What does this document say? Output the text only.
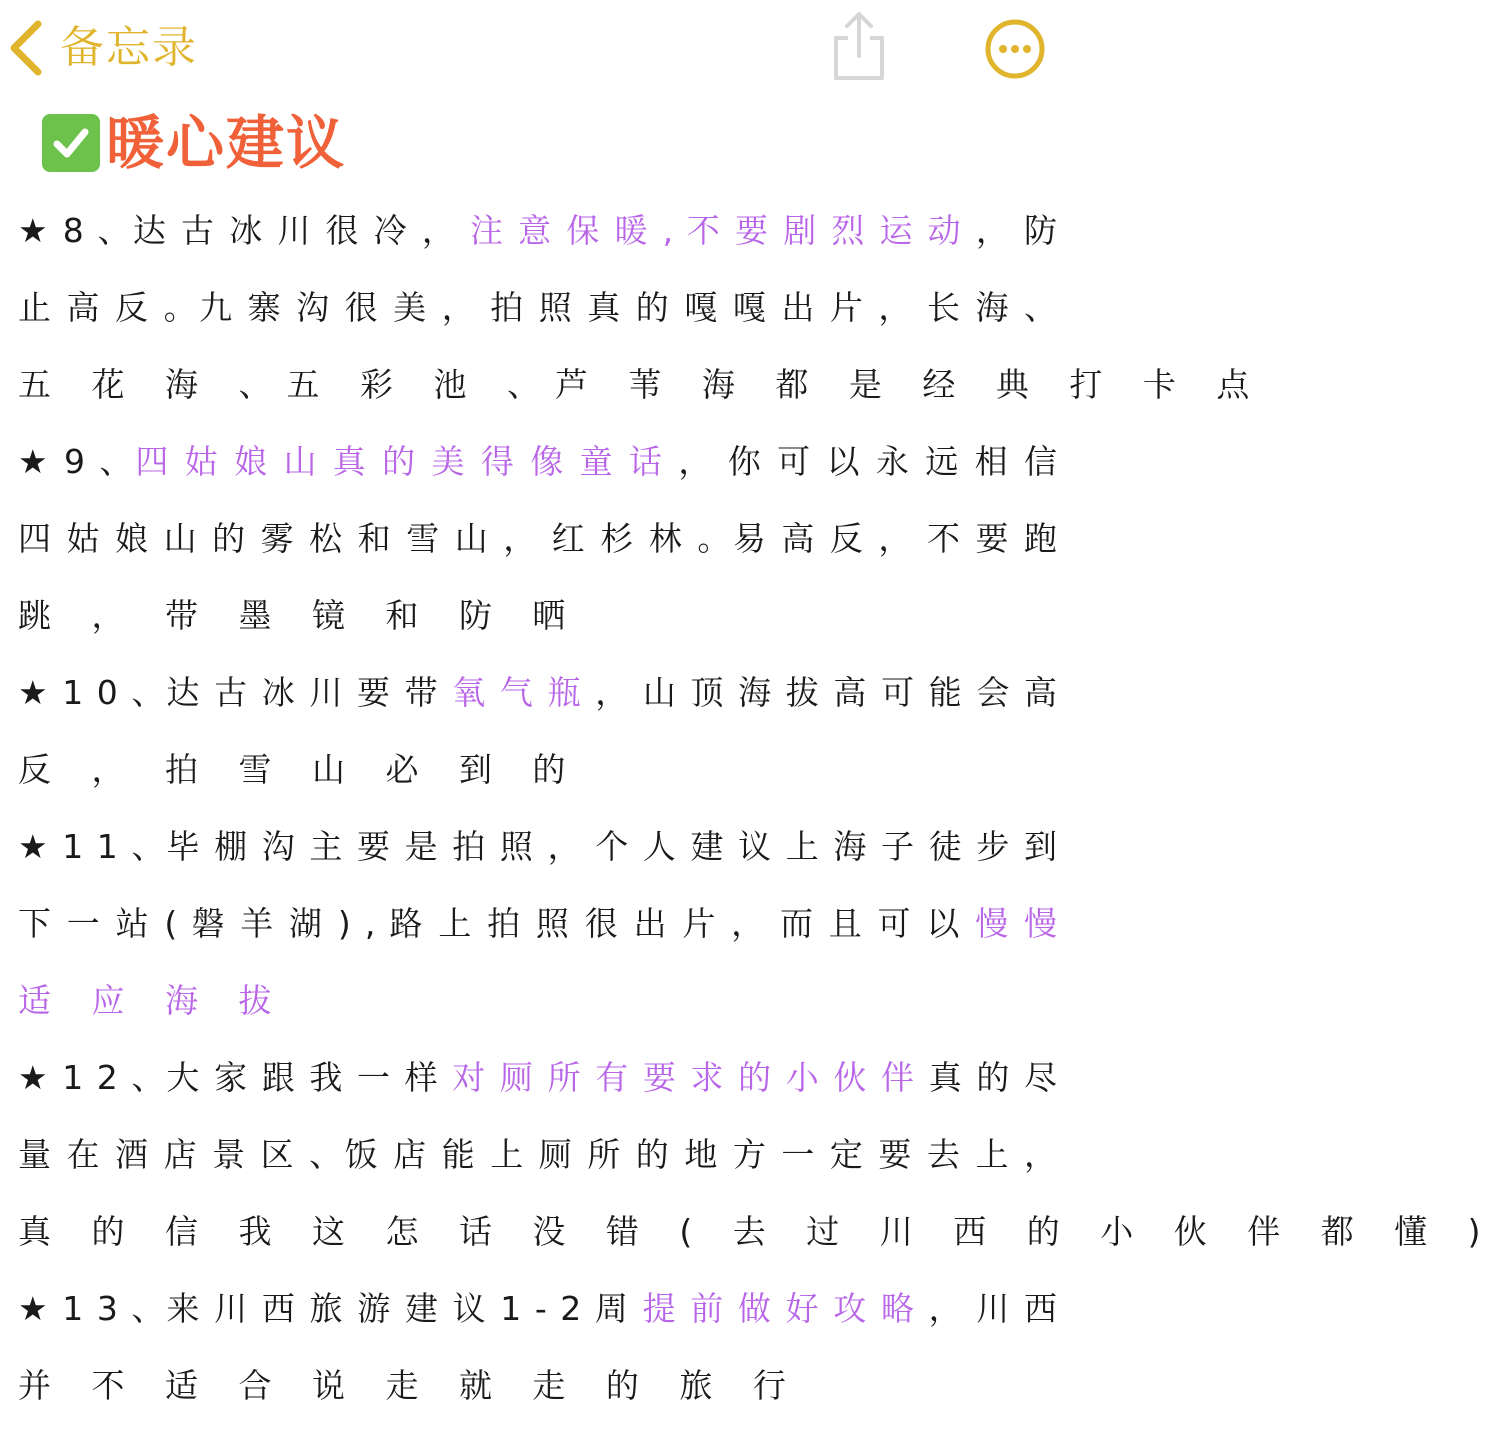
备忘录
暖心建议
★ 8 、达 古 冰 川 很 冷 ， 注 意 保 暖 , 不 要 剧 烈 运 动 ， 防
止 高 反 。九 寨 沟 很 美 ， 拍 照 真 的 嘎 嘎 出 片 ， 长 海 、
五 花 海 、五 彩 池 、芦 苇 海 都 是 经 典 打 卡 点
★ 9 、四 姑 娘 山 真 的 美 得 像 童 话 ， 你 可 以 永 远 相 信
四 姑 娘 山 的 雾 松 和 雪 山 ， 红 杉 林 。易 高 反 ， 不 要 跑
跳 ， 带 墨 镜 和 防 晒
★ 1 0 、达 古 冰 川 要 带 氧 气 瓶 ， 山 顶 海 拔 高 可 能 会 高
反 ， 拍 雪 山 必 到 的
★ 1 1 、毕 棚 沟 主 要 是 拍 照 ， 个 人 建 议 上 海 子 徒 步 到
下 一 站 ( 磐 羊 湖 ) , 路 上 拍 照 很 出 片 ， 而 且 可 以 慢 慢
适 应 海 拔
★ 1 2 、大 家 跟 我 一 样 对 厕 所 有 要 求 的 小 伙 伴 真 的 尽
量 在 酒 店 景 区 、饭 店 能 上 厕 所 的 地 方 一 定 要 去 上 ，
真 的 信 我 这 怎 话 没 错 ( 去 过 川 西 的 小 伙 伴 都 懂 )
★ 1 3 、来 川 西 旅 游 建 议 1 - 2 周 提 前 做 好 攻 略 ， 川 西
并 不 适 合 说 走 就 走 的 旅 行
